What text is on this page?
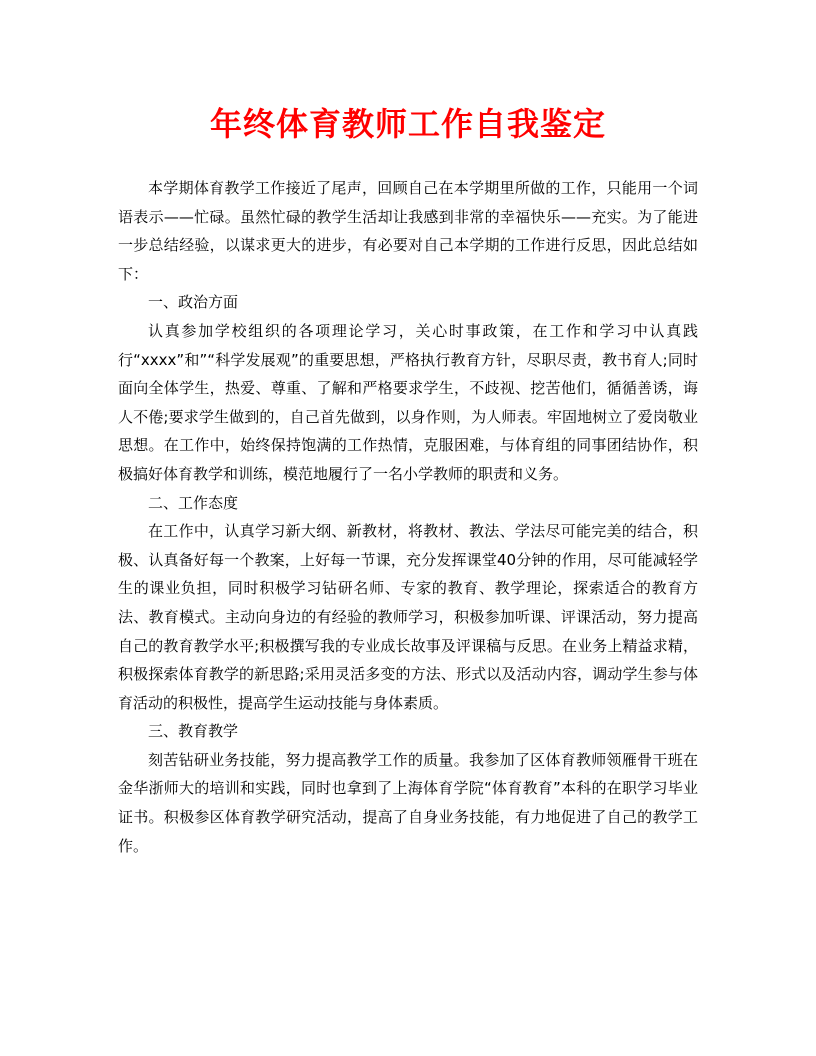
年终体育教师工作自我鉴定

本学期体育教学工作接近了尾声，回顾自己在本学期里所做的工作，只能用一个词语表示——忙碌。虽然忙碌的教学生活却让我感到非常的幸福快乐——充实。为了能进一步总结经验，以谋求更大的进步，有必要对自己本学期的工作进行反思，因此总结如下：

一、政治方面

认真参加学校组织的各项理论学习，关心时事政策，在工作和学习中认真践行“xxxx”和”“科学发展观”的重要思想，严格执行教育方针，尽职尽责，教书育人;同时面向全体学生，热爱、尊重、了解和严格要求学生，不歧视、挖苦他们，循循善诱，诲人不倦;要求学生做到的，自己首先做到，以身作则，为人师表。牢固地树立了爱岗敬业思想。在工作中，始终保持饱满的工作热情，克服困难，与体育组的同事团结协作，积极搞好体育教学和训练，模范地履行了一名小学教师的职责和义务。

二、工作态度

在工作中，认真学习新大纲、新教材，将教材、教法、学法尽可能完美的结合，积极、认真备好每一个教案，上好每一节课，充分发挥课堂40分钟的作用，尽可能减轻学生的课业负担，同时积极学习钻研名师、专家的教育、教学理论，探索适合的教育方法、教育模式。主动向身边的有经验的教师学习，积极参加听课、评课活动，努力提高自己的教育教学水平;积极撰写我的专业成长故事及评课稿与反思。在业务上精益求精，积极探索体育教学的新思路;采用灵活多变的方法、形式以及活动内容，调动学生参与体育活动的积极性，提高学生运动技能与身体素质。

三、教育教学

刻苦钻研业务技能，努力提高教学工作的质量。我参加了区体育教师领雁骨干班在金华浙师大的培训和实践，同时也拿到了上海体育学院“体育教育”本科的在职学习毕业证书。积极参区体育教学研究活动，提高了自身业务技能，有力地促进了自己的教学工作。
